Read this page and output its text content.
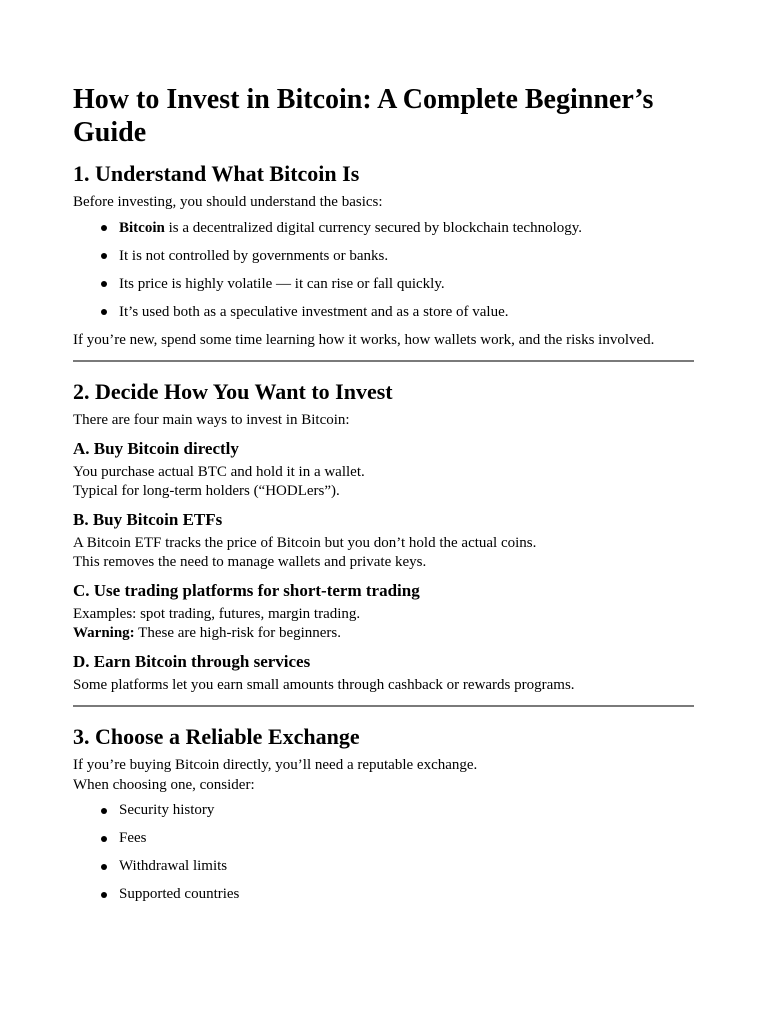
How to Invest in Bitcoin: A Complete Beginner’s Guide
1. Understand What Bitcoin Is

Before investing, you should understand the basics:

Bitcoin is a decentralized digital currency secured by blockchain technology.
It is not controlled by governments or banks.
Its price is highly volatile — it can rise or fall quickly.
It’s used both as a speculative investment and as a store of value.

If you’re new, spend some time learning how it works, how wallets work, and the risks involved.

2. Decide How You Want to Invest

There are four main ways to invest in Bitcoin:

A. Buy Bitcoin directly

You purchase actual BTC and hold it in a wallet.

Typical for long-term holders (“HODLers”).

B. Buy Bitcoin ETFs

A Bitcoin ETF tracks the price of Bitcoin but you don’t hold the actual coins.

This removes the need to manage wallets and private keys.

C. Use trading platforms for short-term trading

Examples: spot trading, futures, margin trading.

Warning: These are high-risk for beginners.

D. Earn Bitcoin through services

Some platforms let you earn small amounts through cashback or rewards programs.

3. Choose a Reliable Exchange

If you’re buying Bitcoin directly, you’ll need a reputable exchange.

When choosing one, consider:

Security history
Fees
Withdrawal limits
Supported countries
